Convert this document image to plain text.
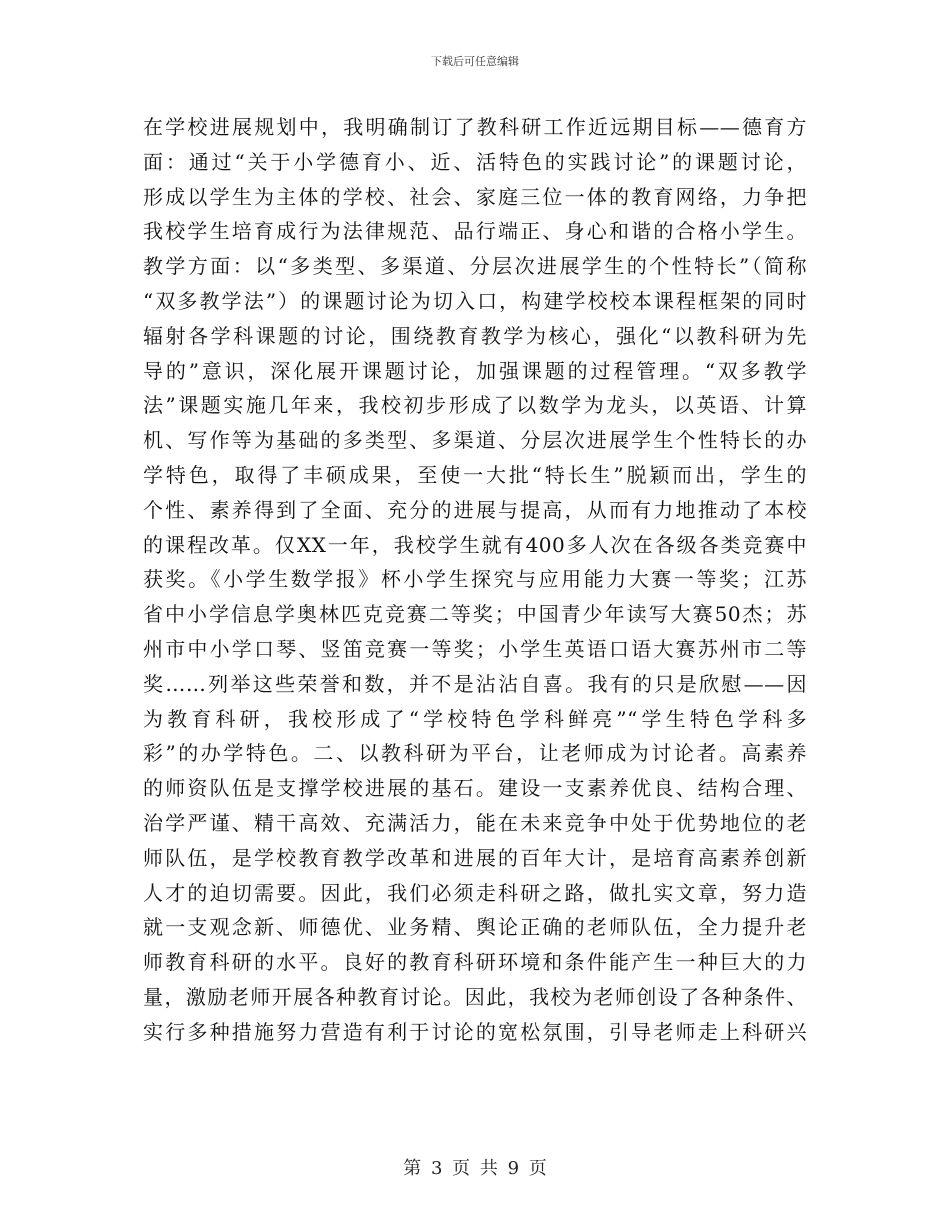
下载后可任意编辑
在学校进展规划中，我明确制订了教科研工作近远期目标——德育方
面：通过“关于小学德育小、近、活特色的实践讨论”的课题讨论，
形成以学生为主体的学校、社会、家庭三位一体的教育网络，力争把
我校学生培育成行为法律规范、品行端正、身心和谐的合格小学生。
教学方面：以“多类型、多渠道、分层次进展学生的个性特长”（简称
“双多教学法”）的课题讨论为切入口，构建学校校本课程框架的同时
辐射各学科课题的讨论，围绕教育教学为核心，强化“以教科研为先
导的”意识，深化展开课题讨论，加强课题的过程管理。“双多教学
法”课题实施几年来，我校初步形成了以数学为龙头，以英语、计算
机、写作等为基础的多类型、多渠道、分层次进展学生个性特长的办
学特色，取得了丰硕成果，至使一大批“特长生”脱颖而出，学生的
个性、素养得到了全面、充分的进展与提高，从而有力地推动了本校
的课程改革。仅XX一年，我校学生就有400多人次在各级各类竞赛中
获奖。《小学生数学报》杯小学生探究与应用能力大赛一等奖；江苏
省中小学信息学奥林匹克竞赛二等奖；中国青少年读写大赛50杰；苏
州市中小学口琴、竖笛竞赛一等奖；小学生英语口语大赛苏州市二等
奖……列举这些荣誉和数，并不是沾沾自喜。我有的只是欣慰——因
为教育科研，我校形成了“学校特色学科鲜亮”“学生特色学科多
彩”的办学特色。二、以教科研为平台，让老师成为讨论者。高素养
的师资队伍是支撑学校进展的基石。建设一支素养优良、结构合理、
治学严谨、精干高效、充满活力，能在未来竞争中处于优势地位的老
师队伍，是学校教育教学改革和进展的百年大计，是培育高素养创新
人才的迫切需要。因此，我们必须走科研之路，做扎实文章，努力造
就一支观念新、师德优、业务精、舆论正确的老师队伍，全力提升老
师教育科研的水平。良好的教育科研环境和条件能产生一种巨大的力
量，激励老师开展各种教育讨论。因此，我校为老师创设了各种条件、
实行多种措施努力营造有利于讨论的宽松氛围，引导老师走上科研兴
第 3 页 共 9 页
